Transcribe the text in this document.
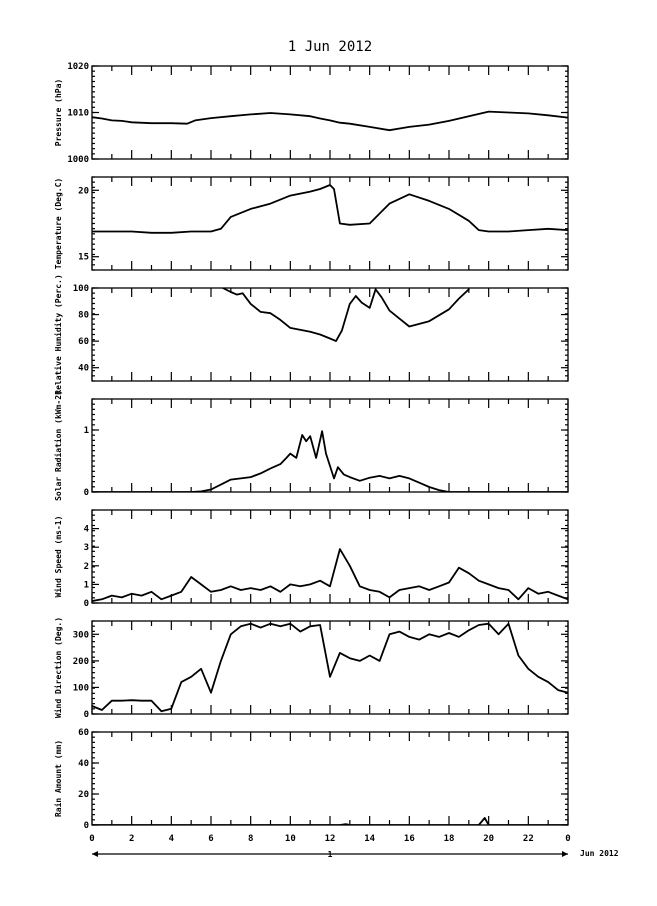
1 Jun 2012
1000
1010
1020
Pressure (hPa)
15
20
Temperature (Deg.C)
40
60
80
100
Relative Humidity (Perc.)
0
1
Solar Radiation (kWm-2)
0
1
2
3
4
Wind Speed (ms-1)
0
100
200
300
Wind Direction (Deg.)
0
20
40
60
Rain Amount (mm)
0	2	4	6	8	10	12	14	16	18	20	22	0
1	Jun 2012
